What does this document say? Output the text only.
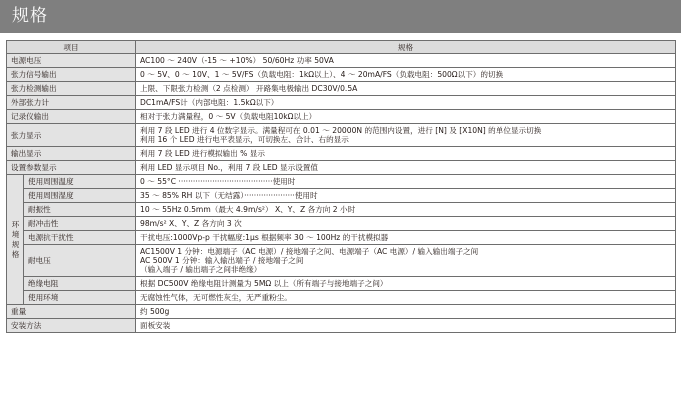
规格
项目		规格
电源电压		AC100 ～ 240V（-15 ～ +10%） 50/60Hz 功率 50VA

张力信号输出		0 ～ 5V、0 ～ 10V、1 ～ 5V/FS（负载电阻：1kΩ以上）、4 ～ 20mA/FS（负载电阻：500Ω以下）的切换

张力检测输出		上限、下限张力检测（2 点检测） 开路集电极输出 DC30V/0.5A

外部张力计		DC1mA/FS计（内部电阻：1.5kΩ以下）

记录仪输出		相对于张力满量程，0 ～ 5V（负载电阻10kΩ以上）

张力显示		利用 7 段 LED 进行 4 位数字显示。满量程可在 0.01 ～ 20000N 的范围内设置，进行 [N] 及 [X10N] 的单位显示切换
利用 16 个 LED 进行电平表显示，可切换左、合计、右的显示

输出显示		利用 7 段 LED 进行模拟输出 % 显示

设置参数显示		利用 LED 显示项目 No.，利用 7 段 LED 显示设置值

环境规格	使用周围温度	0 ～ 55°C ·······································使用时

	使用周围湿度	35 ～ 85% RH 以下（无结露）·····················使用时

	耐振性	10 ～ 55Hz 0.5mm（最大 4.9m/s²） X、Y、Z 各方向 2 小时

	耐冲击性	98m/s² X、Y、Z 各方向 3 次

	电源抗干扰性	干扰电压:1000Vp-p 干扰幅度:1μs 根据频率 30 ～ 100Hz 的干扰模拟器

	耐电压	AC1500V 1 分钟：电源端子（AC 电源）/ 接地端子之间、电源端子（AC 电源）/ 输入输出端子之间
AC 500V 1 分钟：输入输出端子 / 接地端子之间
（输入端子 / 输出端子之间非绝缘）

	绝缘电阻	根据 DC500V 绝缘电阻计测量为 5MΩ 以上（所有端子与接地端子之间）

	使用环境	无腐蚀性气体，无可燃性灰尘，无严重粉尘。

重量		约 500g

安装方法		面板安装
